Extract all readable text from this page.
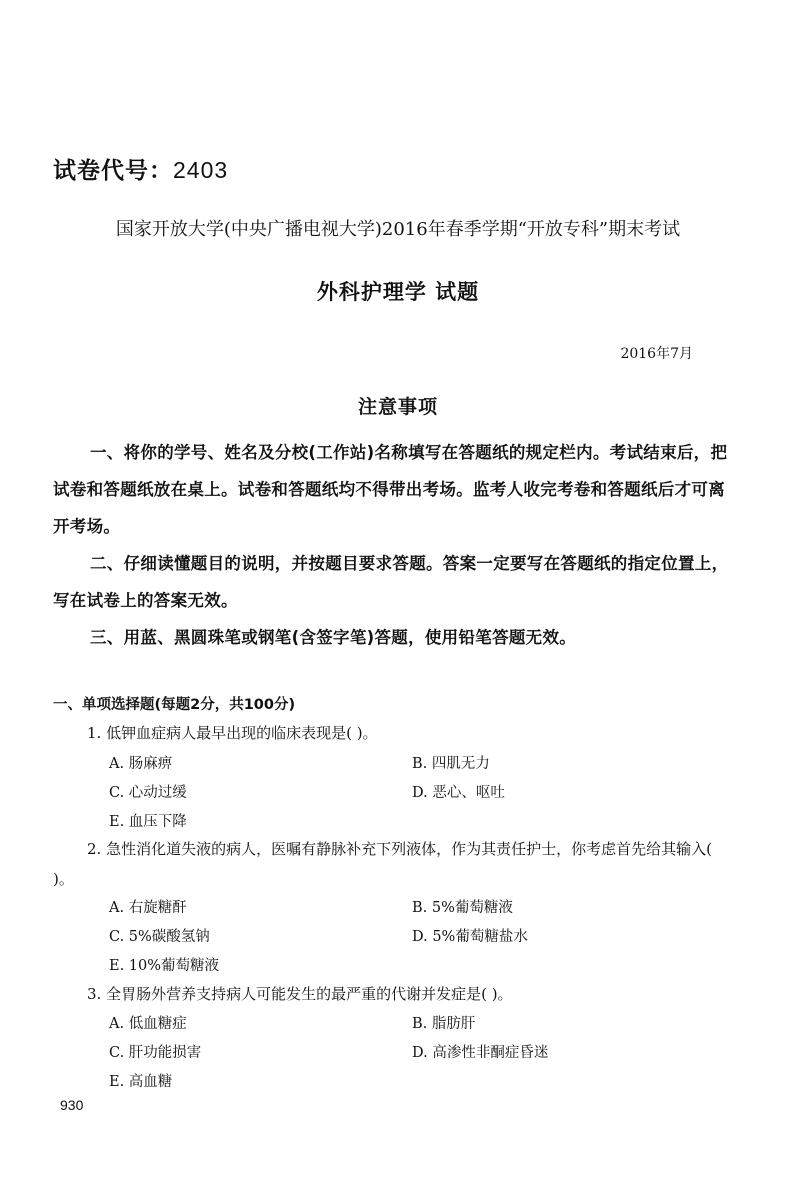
试卷代号：2403
国家开放大学(中央广播电视大学)2016年春季学期“开放专科”期末考试
外科护理学 试题
2016年7月
注意事项

一、将你的学号、姓名及分校(工作站)名称填写在答题纸的规定栏内。考试结束后，把试卷和答题纸放在桌上。试卷和答题纸均不得带出考场。监考人收完考卷和答题纸后才可离开考场。

二、仔细读懂题目的说明，并按题目要求答题。答案一定要写在答题纸的指定位置上，写在试卷上的答案无效。

三、用蓝、黑圆珠笔或钢笔(含签字笔)答题，使用铅笔答题无效。

一、单项选择题(每题2分，共100分)
1. 低钾血症病人最早出现的临床表现是( )。
A. 肠麻痹	B. 四肌无力
C. 心动过缓	D. 恶心、呕吐
E. 血压下降

2. 急性消化道失液的病人，医嘱有静脉补充下列液体，作为其责任护士，你考虑首先给其输入( )。

A. 右旋糖酐	B. 5%葡萄糖液
C. 5%碳酸氢钠	D. 5%葡萄糖盐水
E. 10%葡萄糖液
3. 全胃肠外营养支持病人可能发生的最严重的代谢并发症是( )。
A. 低血糖症	B. 脂肪肝
C. 肝功能损害	D. 高渗性非酮症昏迷
E. 高血糖
930
